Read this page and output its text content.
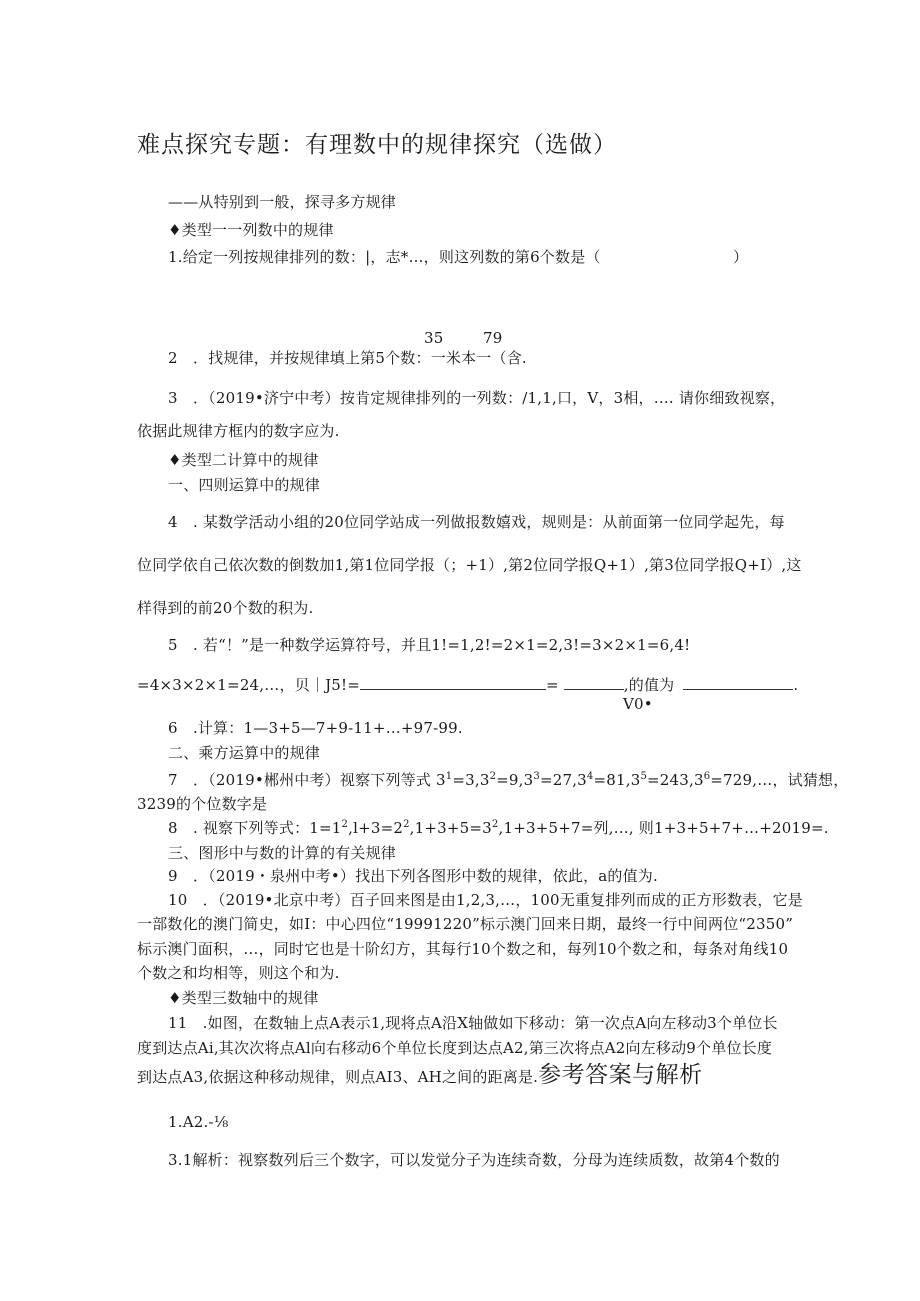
难点探究专题：有理数中的规律探究（选做）
——从特别到一般，探寻多方规律
♦类型一一列数中的规律
1.给定一列按规律排列的数：|，志*…，则这列数的第6个数是（	）
35	79
2　．找规律，并按规律填上第5个数：一米本一（含.
3　．（2019•济宁中考）按肯定规律排列的一列数：/1,1,口，V，3相，…. 请你细致视察，
依据此规律方框内的数字应为.
♦类型二计算中的规律
一、四则运算中的规律
4　. 某数学活动小组的20位同学站成一列做报数嬉戏，规则是：从前面第一位同学起先，每
位同学依自己依次数的倒数加1,第1位同学报（；+1）,第2位同学报Q+1）,第3位同学报Q+I）,这
样得到的前20个数的积为.
5　. 若“！”是一种数学运算符号，并且1!=1,2!=2×1=2,3!=3×2×1=6,4!
=4×3×2×1=24,…，贝｜J5!=	=	,的值为	.
V0•
6　.计算：1—3+5—7+9-11+…+97-99.
二、乘方运算中的规律
7　．（2019•郴州中考）视察下列等式 $3^1=3,3^2=9,3^3=27,3^4=81,3^5=243,3^6=729,\dots$，试猜想，
3239的个位数字是
8　. 视察下列等式：$1=1^2,l+3=2^2,1+3+5=3^2,1+3+5+7=$列,…, 则1+3+5+7+…+2019=.
三、图形中与数的计算的有关规律
9　．（2019・泉州中考•）找出下列各图形中数的规律，依此，a的值为.
10　．（2019•北京中考）百子回来图是由1,2,3,…，100无重复排列而成的正方形数表，它是
一部数化的澳门简史，如I：中心四位“19991220”标示澳门回来日期，最终一行中间两位“2350”
标示澳门面积，…，同时它也是十阶幻方，其每行10个数之和，每列10个数之和，每条对角线10
个数之和均相等，则这个和为.
♦类型三数轴中的规律
11　.如图，在数轴上点A表示1,现将点A沿X轴做如下移动：第一次点A向左移动3个单位长
度到达点Ai,其次次将点Al向右移动6个单位长度到达点A2,第三次将点A2向左移动9个单位长度
到达点A3,依据这种移动规律，则点AI3、AH之间的距离是.参考答案与解析
1.A2.-⅛
3.1解析：视察数列后三个数字，可以发觉分子为连续奇数，分母为连续质数，故第4个数的
